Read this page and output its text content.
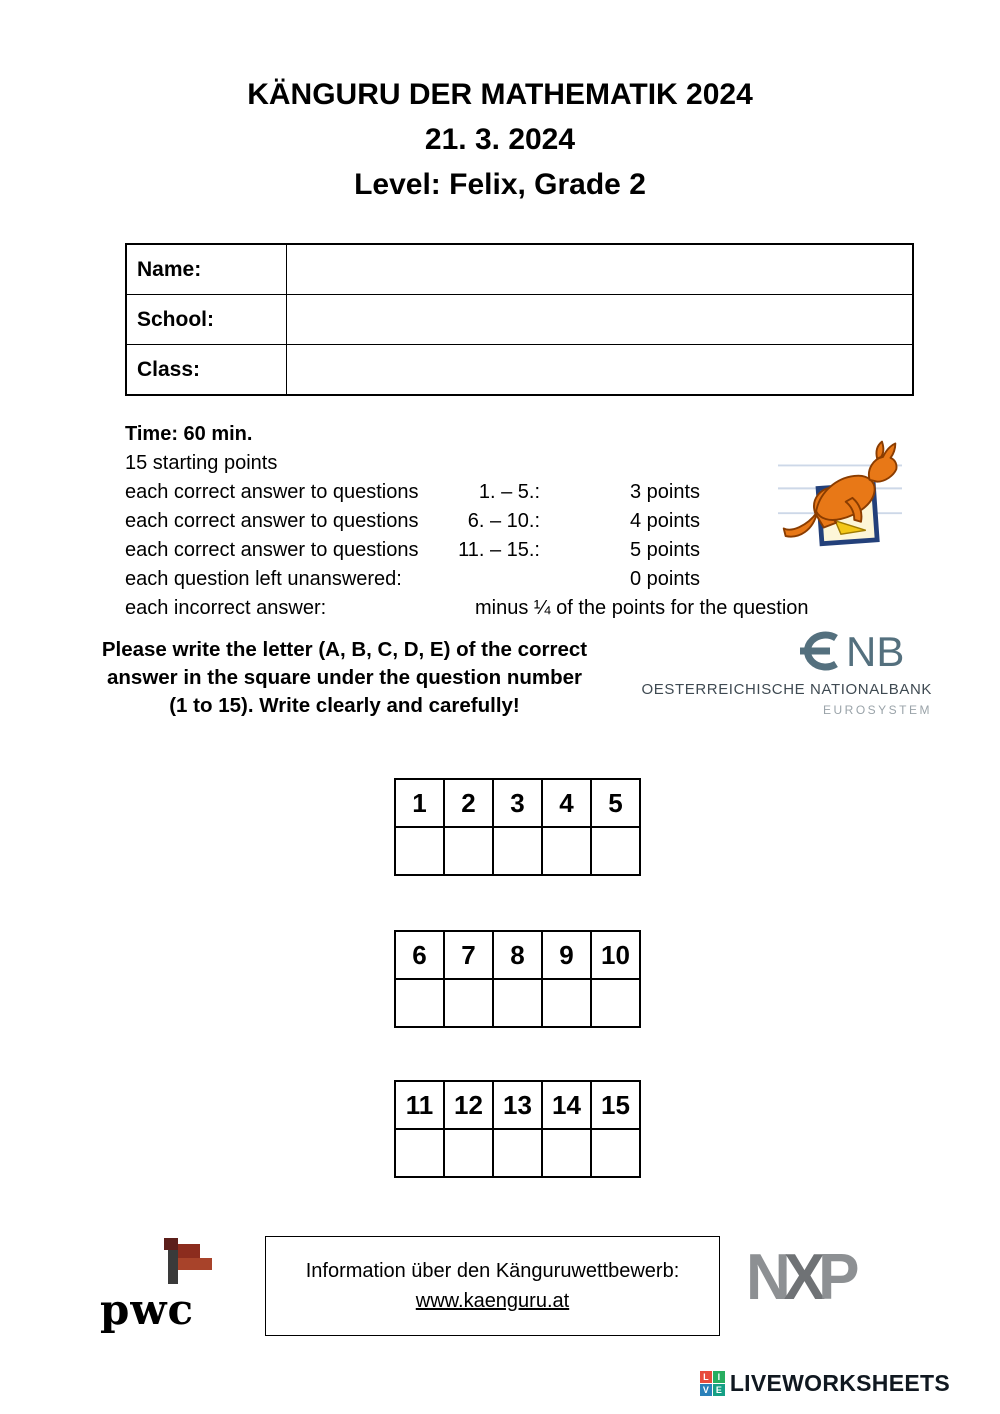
KÄNGURU DER MATHEMATIK 2024
21. 3. 2024
Level: Felix, Grade 2
Name:	
School:	
Class:	
Time: 60 min.
15 starting points
each correct answer to questions	1. – 5.:	3 points
each correct answer to questions	6. – 10.:	4 points
each correct answer to questions	11. – 15.:	5 points
each question left unanswered:	0 points
each incorrect answer:	minus ¼ of the points for the question
Please write the letter (A, B, C, D, E) of the correct
answer in the square under the question number
(1 to 15). Write clearly and carefully!
NB
OESTERREICHISCHE NATIONALBANK
EUROSYSTEM
1	2	3	4	5

6	7	8	9	10

11	12	13	14	15

pwc
Information über den Känguruwettbewerb:
www.kaenguru.at	NXP
L I
V E LIVEWORKSHEETS
